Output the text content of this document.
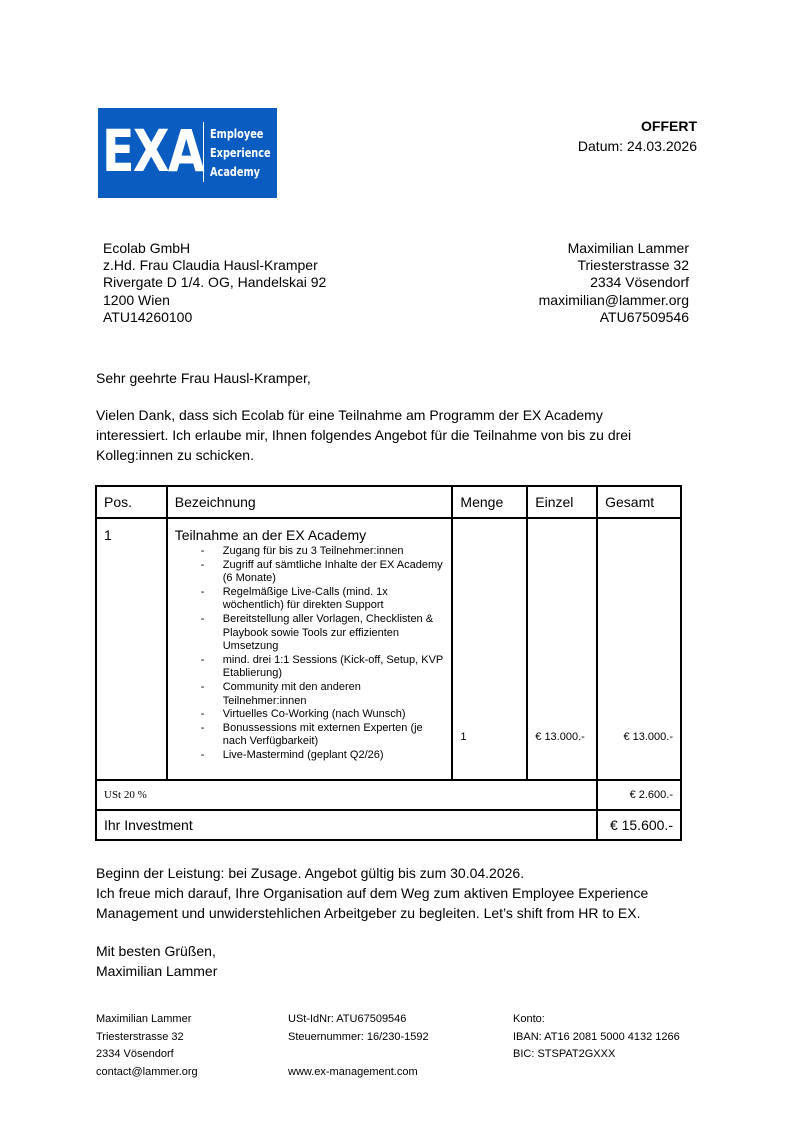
EXA Employee
Experience
Academy
OFFERT
Datum: 24.03.2026
Ecolab GmbH
z.Hd. Frau Claudia Hausl-Kramper
Rivergate D 1/4. OG, Handelskai 92
1200 Wien
ATU14260100
Maximilian Lammer
Triesterstrasse 32
2334 Vösendorf
maximilian@lammer.org
ATU67509546
Sehr geehrte Frau Hausl-Kramper,
Vielen Dank, dass sich Ecolab für eine Teilnahme am Programm der EX Academy
interessiert. Ich erlaube mir, Ihnen folgendes Angebot für die Teilnahme von bis zu drei
Kolleg:innen zu schicken.
Pos.	Bezeichnung	Menge	Einzel	Gesamt
1	Teilnahme an der EX Academy
- Zugang für bis zu 3 Teilnehmer:innen
- Zugriff auf sämtliche Inhalte der EX Academy (6 Monate)
- Regelmäßige Live-Calls (mind. 1x wöchentlich) für direkten Support
- Bereitstellung aller Vorlagen, Checklisten & Playbook sowie Tools zur effizienten Umsetzung
- mind. drei 1:1 Sessions (Kick-off, Setup, KVP Etablierung)
- Community mit den anderen Teilnehmer:innen
- Virtuelles Co-Working (nach Wunsch)
- Bonussessions mit externen Experten (je nach Verfügbarkeit)
- Live-Mastermind (geplant Q2/26)
	1	€ 13.000.-	€ 13.000.-
USt 20 %				€ 2.600.-
Ihr Investment				€ 15.600.-
Beginn der Leistung: bei Zusage. Angebot gültig bis zum 30.04.2026.
Ich freue mich darauf, Ihre Organisation auf dem Weg zum aktiven Employee Experience
Management und unwiderstehlichen Arbeitgeber zu begleiten. Let’s shift from HR to EX.
Mit besten Grüßen,
Maximilian Lammer
Maximilian Lammer
Triesterstrasse 32
2334 Vösendorf
contact@lammer.org
USt-IdNr: ATU67509546
Steuernummer: 16/230-1592
www.ex-management.com
Konto:
IBAN: AT16 2081 5000 4132 1266
BIC: STSPAT2GXXX
